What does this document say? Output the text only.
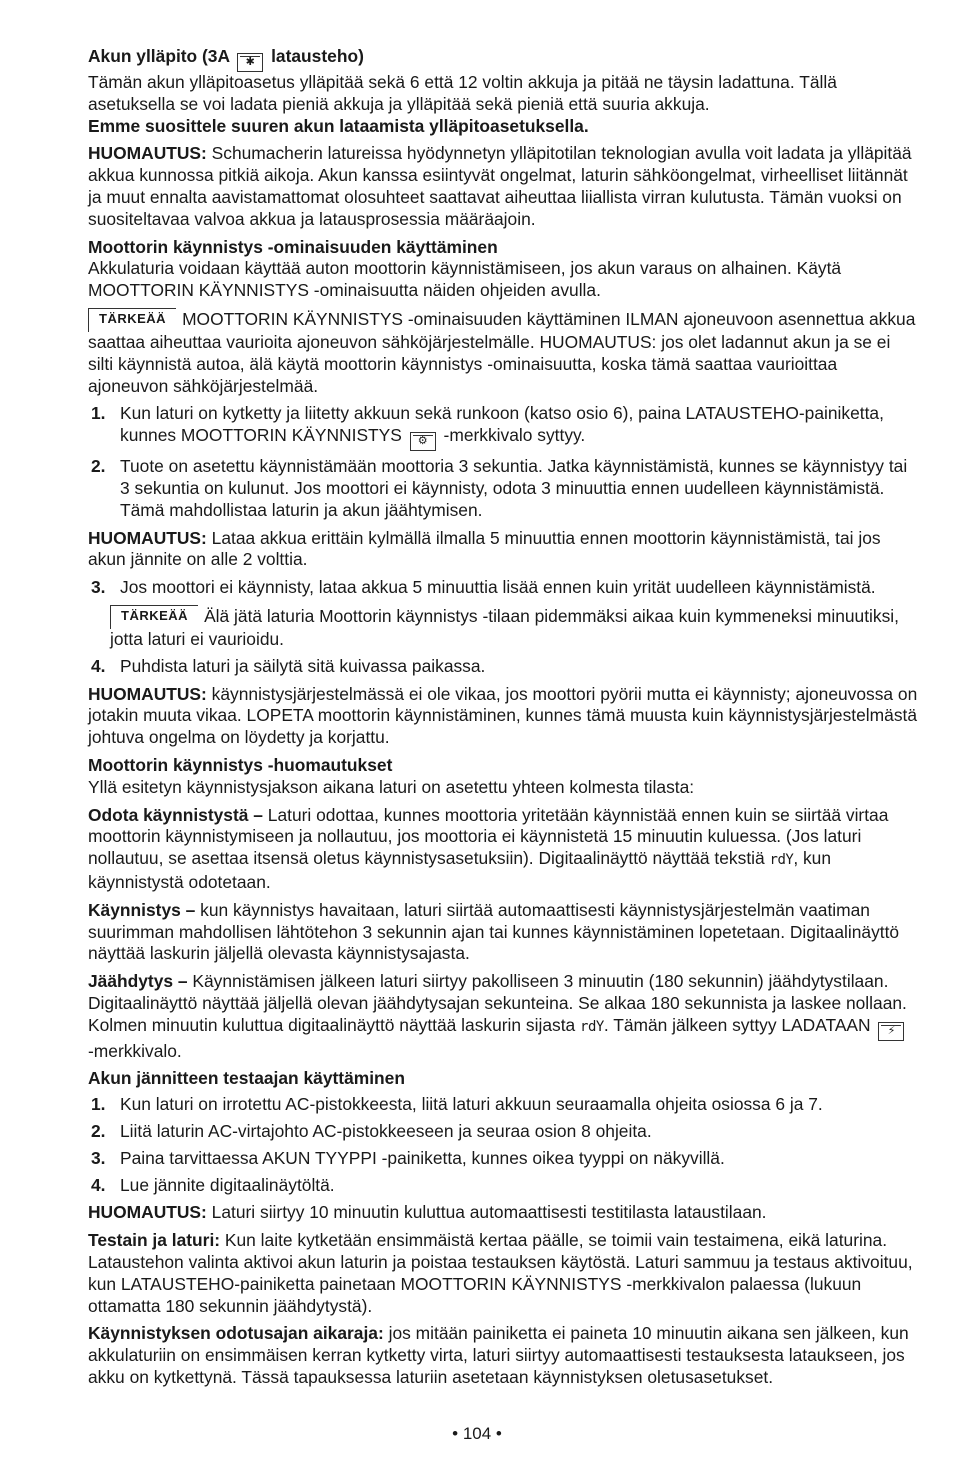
Akun ylläpito (3A ✱ latausteho)

Tämän akun ylläpitoasetus ylläpitää sekä 6 että 12 voltin akkuja ja pitää ne täysin ladattuna. Tällä asetuksella se voi ladata pieniä akkuja ja ylläpitää sekä pieniä että suuria akkuja.

Emme suosittele suuren akun lataamista ylläpitoasetuksella.

HUOMAUTUS: Schumacherin latureissa hyödynnetyn ylläpitotilan teknologian avulla voit ladata ja ylläpitää akkua kunnossa pitkiä aikoja. Akun kanssa esiintyvät ongelmat, laturin sähköongelmat, virheelliset liitännät ja muut ennalta aavistamattomat olosuhteet saattavat aiheuttaa liiallista virran kulutusta. Tämän vuoksi on suositeltavaa valvoa akkua ja latausprosessia määräajoin.

Moottorin käynnistys -ominaisuuden käyttäminen

Akkulaturia voidaan käyttää auton moottorin käynnistämiseen, jos akun varaus on alhainen. Käytä MOOTTORIN KÄYNNISTYS -ominaisuutta näiden ohjeiden avulla.

TÄRKEÄÄ MOOTTORIN KÄYNNISTYS -ominaisuuden käyttäminen ILMAN ajoneuvoon asennettua akkua saattaa aiheuttaa vaurioita ajoneuvon sähköjärjestelmälle. HUOMAUTUS: jos olet ladannut akun ja se ei silti käynnistä autoa, älä käytä moottorin käynnistys -ominaisuutta, koska tämä saattaa vaurioittaa ajoneuvon sähköjärjestelmää.

1. Kun laturi on kytketty ja liitetty akkuun sekä runkoon (katso osio 6), paina LATAUSTEHO-painiketta, kunnes MOOTTORIN KÄYNNISTYS ⚙ -merkkivalo syttyy.
2. Tuote on asetettu käynnistämään moottoria 3 sekuntia. Jatka käynnistämistä, kunnes se käynnistyy tai 3 sekuntia on kulunut. Jos moottori ei käynnisty, odota 3 minuuttia ennen uudelleen käynnistämistä. Tämä mahdollistaa laturin ja akun jäähtymisen.

HUOMAUTUS: Lataa akkua erittäin kylmällä ilmalla 5 minuuttia ennen moottorin käynnistämistä, tai jos akun jännite on alle 2 volttia.

3. Jos moottori ei käynnisty, lataa akkua 5 minuuttia lisää ennen kuin yrität uudelleen käynnistämistä.

TÄRKEÄÄ Älä jätä laturia Moottorin käynnistys -tilaan pidemmäksi aikaa kuin kymmeneksi minuutiksi, jotta laturi ei vaurioidu.

4. Puhdista laturi ja säilytä sitä kuivassa paikassa.

HUOMAUTUS: käynnistysjärjestelmässä ei ole vikaa, jos moottori pyörii mutta ei käynnisty; ajoneuvossa on jotakin muuta vikaa. LOPETA moottorin käynnistäminen, kunnes tämä muusta kuin käynnistysjärjestelmästä johtuva ongelma on löydetty ja korjattu.

Moottorin käynnistys -huomautukset

Yllä esitetyn käynnistysjakson aikana laturi on asetettu yhteen kolmesta tilasta:

Odota käynnistystä – Laturi odottaa, kunnes moottoria yritetään käynnistää ennen kuin se siirtää virtaa moottorin käynnistymiseen ja nollautuu, jos moottoria ei käynnistetä 15 minuutin kuluessa. (Jos laturi nollautuu, se asettaa itsensä oletus käynnistysasetuksiin). Digitaalinäyttö näyttää tekstiä rdY, kun käynnistystä odotetaan.

Käynnistys – kun käynnistys havaitaan, laturi siirtää automaattisesti käynnistysjärjestelmän vaatiman suurimman mahdollisen lähtötehon 3 sekunnin ajan tai kunnes käynnistäminen lopetetaan. Digitaalinäyttö näyttää laskurin jäljellä olevasta käynnistysajasta.

Jäähdytys – Käynnistämisen jälkeen laturi siirtyy pakolliseen 3 minuutin (180 sekunnin) jäähdytystilaan. Digitaalinäyttö näyttää jäljellä olevan jäähdytysajan sekunteina. Se alkaa 180 sekunnista ja laskee nollaan. Kolmen minuutin kuluttua digitaalinäyttö näyttää laskurin sijasta rdY. Tämän jälkeen syttyy LADATAAN ⚡ -merkkivalo.

Akun jännitteen testaajan käyttäminen

1. Kun laturi on irrotettu AC-pistokkeesta, liitä laturi akkuun seuraamalla ohjeita osiossa 6 ja 7.
2. Liitä laturin AC-virtajohto AC-pistokkeeseen ja seuraa osion 8 ohjeita.
3. Paina tarvittaessa AKUN TYYPPI -painiketta, kunnes oikea tyyppi on näkyvillä.
4. Lue jännite digitaalinäytöltä.

HUOMAUTUS: Laturi siirtyy 10 minuutin kuluttua automaattisesti testitilasta lataustilaan.

Testain ja laturi: Kun laite kytketään ensimmäistä kertaa päälle, se toimii vain testaimena, eikä laturina. Lataustehon valinta aktivoi akun laturin ja poistaa testauksen käytöstä. Laturi sammuu ja testaus aktivoituu, kun LATAUSTEHO-painiketta painetaan MOOTTORIN KÄYNNISTYS -merkkivalon palaessa (lukuun ottamatta 180 sekunnin jäähdytystä).

Käynnistyksen odotusajan aikaraja: jos mitään painiketta ei paineta 10 minuutin aikana sen jälkeen, kun akkulaturiin on ensimmäisen kerran kytketty virta, laturi siirtyy automaattisesti testauksesta lataukseen, jos akku on kytkettynä. Tässä tapauksessa laturiin asetetaan käynnistyksen oletusasetukset.

• 104 •
